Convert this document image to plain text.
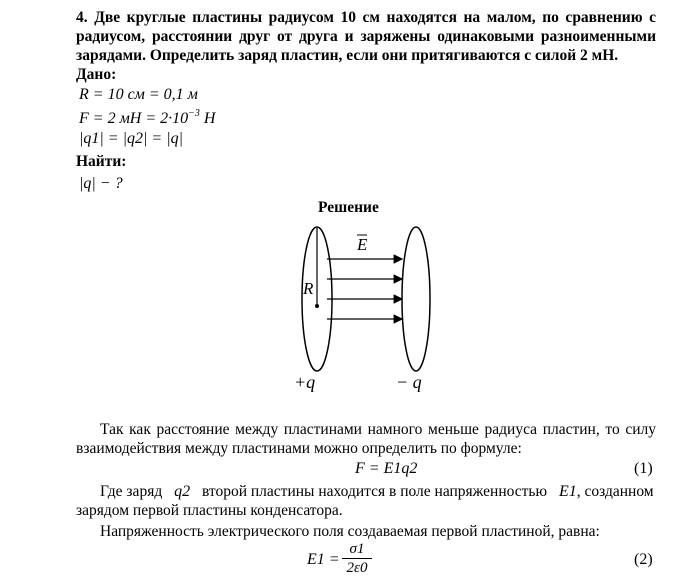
4. Две круглые пластины радиусом 10 см находятся на малом, по сравнению с радиусом, расстоянии друг от друга и заряжены одинаковыми разноименными зарядами. Определить заряд пластин, если они притягиваются с силой 2 мН.
Дано:
R = 10 см = 0,1 м
F = 2 мН = $2\cdot 10^{-3}$ Н
|q1| = |q2| = |q|
Найти:
|q| − ?
Решение
E
R
+q	− q
Так как расстояние между пластинами намного меньше радиуса пластин, то силу взаимодействия между пластинами можно определить по формуле:
F = E1q2	(1)
Где заряд q2 второй пластины находится в поле напряженностью E1, созданном
зарядом первой пластины конденсатора.
Напряженность электрического поля создаваемая первой пластиной, равна:
$E1 = \frac{\sigma 1}{2\varepsilon 0}$	(2)
